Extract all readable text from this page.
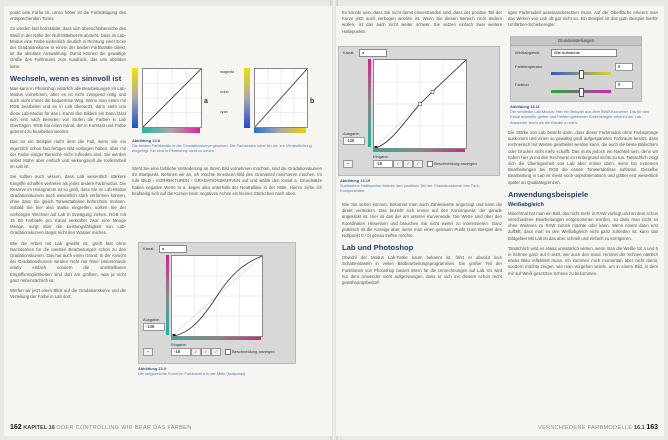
punkt eine Farbe ist, umso höher ist die Farbsättigung des entsprechenden Tones.

So werden fast holzstabile, dass sich übersichtsbereiche des Weiß in der Nähe der Null-Mitteltwerts absteht. Dass im Lab-Modus eine Farbe einheitlich deutlich in Richtung einer Ecke der Gradationskurve in einem der beiden Farbkanäle direkt, ist die absolute Auswahlung. Damit können die gewaltige Größe des Farbraums zum Ausdruck, das uns abbilden kann.

Wechseln, wenn es sinnvoll ist

Man kann in Photoshop natürlich alle Bearbeitungen im Lab-Modus vornehmen, aber es ist nicht zwingend nötig und auch nicht immer die bequemste Weg. Wenn man einen mit RGB bearbeitet und es in Lab übersetzt, dann steht uns diese Lab-Modus für das L-Kanal den Bildern ein Dann lässt sich erst nach beenden von Stufen die Farben in Lab übertragen. RGB hat einen Kanal, der in Kontrast und Farbe getrennt zu bearbeiten werden.

Das ist ein Beispiel mehr dem die Fall, wenn Sie ein eigentlich schon fast fertiges Bild vorliegen haben, aber mit der Farbe einiger Bereiche nicht zufrieden sind. Sie werden selbst Mühe aber einfach und wirkungsvoll die Kellerarbeit im Lab ist.

Sie sollten auch wissen, dass Lab wesentlich stärkere Eingriffe schaffen vertreten als jedes andere Farbmodus. Die Reserve im Histogramm ist so groß, dass Sie im Lab-Modus Gradationskurven auch wesentlich stark verformen können, ohne dass Sie gleich Tonwertabrisse befürchten müssen. Sobald Sie hier also starke eingreifen, sollten Sie der vorherigen Wechsel auf Lab in Erwägung ziehen. RGB mit 16 Bit Farbtiefe pro Kanal verkraftet zwar eine Menge Menge, sorgt aber die Leistungsfähigkeit von Lab-Gradationskurven längst nicht den Wasser reichen.

Wie die Arbeit mit Lab gewirkt ist, greift fast ohne Nachdenken für die meisten Bearbeitungen schon zu den Gradationskurven. Das hat auch einen Grund: In der Ansicht der Gradationskurven werden nicht nur feine Unterschiede relativ einfach sondern die unmittelbaren Eingriffsmöglichkeiten sind dort am größten, was ja nicht ganz nebensächlich ist.

Werfen wir jetzt einen Blick auf die Gradationskurve und die Verteilung der Farbe in Lab dort:

a	b
magenta
ocker
cyan
Abbildung 13.8
Die beiden Farbkanäle in der Gradationskurve gesehen. Die Farbskalen habe ich nur zur Verdeutlichung eingefügt. Sie sind in Photoshop nicht zu sehen.

Steht Sie eine farbliche Veränderung an Ihrem Bild vornehmen möchten, sind die Gradationskurven Ihr Startpunkt. Nehmen wir an, ich möchte Innesteen Bild den Grünanteil minimieren machen. Im rufe BILD › KORREKTUREN › GRADATIONSKURVEN auf und wähle den Kanal a. Grundsätze haben negative Werte in a, liegen also unterhalb der Neutrallinie in der Mitte. Hierzu ziehe ich beidseitig sich auf die Kurven beim negativen Achse ein kleines Stückchen nach oben.

Kanal:	a
Ausgabe:
-128
Eingabe:
-18
~	⁄	⁄	⁄	Beschneidung anzeigen
Abbildung 13.9
Die aufgezeichte Kurve im Farbkanal a in der Mitte (Nullpunkt).
162 KAPITEL 16 ODER CONTROLLING WIR BEAR DAS FARBEN

Es könnte sein, dass Sie nicht damit einverstanden sind, dass der positive Teil der Kurve jetzt auch verbogen worden ist. Wenn Sie diesen Bereich nicht ändern wollen, ist das auch nicht weiter schwer. Sie setzen einfach zwei weitere Haltepunkte.

Kanal:	a
Ausgabe:
-128
Eingabe:
-18
~	⁄	⁄	⁄	Beschneidung anzeigen
Abbildung 13.10
Zusätzliche Haltepunkte fixieren den positiven Teil der Gradationskurve des Farb-Komponenten.

Wie Sie sehen können, bekommt man auch Zahlenwerte angezeigt und kann die direkt verändern. Das bezieht sich immer auf den Kurvenpunkt, der gerade angeklickt ist. Hier ist das der am unteren Kurvenende. Die Werte sind über den Koordinaten Hinweisen und brauchen Sie nicht weiter zu interessieren. Ganz praktisch ist die Anzeige aber, wenn man einen genauen Punkt (zum Beispiel den Nullpunkt 0 / 0) genau treffen möchte.

Lab und Photoshop

Obwohl der Modus Lab-Farbe kaum bekannt ist, führt er absolut kein Schattendasein in vielen Bildbearbeitungsprogrammen. Ein großer Teil der Funktionen von Photoshop basiert intern für die Umrechnungen auf Lab. Es wird nur dem Anwender nicht aufgezwungen, dass er sich mit diesem schon recht gewöhnungsbedürf-

tigen Farbmodell auseinandersetzen muss. Auf der Oberfläche erkennt man das Wirken von Lab oft gar nicht so. Ein Beispiel ist das gute Beispiel hierfür Umfärben-Schieberegler.

Grundeinstellungen
Weißabgleich:	Wie Aufnahme
Farbtemperatur	0
Farbton	0
Abbildung 13.11
Der verbleibe Lab-Modus: Hier ein Beispiel aus dem RAW-Konverter. Die für den Kanal schneller gelber und Farben gekennen Schieberegler erkennt der Lab-Anwender leicht als die Kanäle a und b.

Die Stärke von Lab besteht darin, dass dieser Farbmodus ohne Farbsprünge auskommt und einen so gewaltig groß aufgespannten Farbraum besitzt, dass rechnerisch mit Werten gearbeitet werden kann, die auch die beste Bildschirm oder Drucker nicht mehr schafft. Das muss jedoch ein Nachteil sein, denn wir haben hier ja mit den Rechnerei im Hintergrund nichts zu tun. Tatsächlich zeigt sich die Überlegenheit von Lab aber immer dann, wenn bei extremen Bearbeitungen bei RGB die ersten Tonwertabrisse auftreten. Dieselbe Bearbeitung in Lab ist meist noch unproblematisch und glättet erst wesentlich später an Qualitätsgrenzen.

Anwendungsbeispiele
Weißabgleich

Manchmal hat man ein Bild, das nicht mehr in RAW vorliegt und an dem schon verschiedene Bearbeitungen vorgenommen worden, so dass man nicht so ohne Weiteres zu RAW zurück möchte oder kann. Wenn einem dann erst auffällt, dass man es den Weißabgleich nicht ganz zufrieden ist, kann das Bildgebiet Mit Lab ist das aber schnell und einfach zu korrigieren.

Tatsächlich wird es etwas unnatürlich wirken, wenn man die Weiße Sir a und b in Schnee ganz auf 0 setzt, wie auch den Sand. Himmel der Schnee nämlich etwas Blau reflektiert muss. Ich kommen mich momentan aber nicht damit, sondern möchte zeigen, wie man Vorgehen würde, um in einem Bild, in dem mir auf Weiß gesetzten Schnee zu bekommen.

VERSCHIEDENE FARBMODELLE 16.1 163
